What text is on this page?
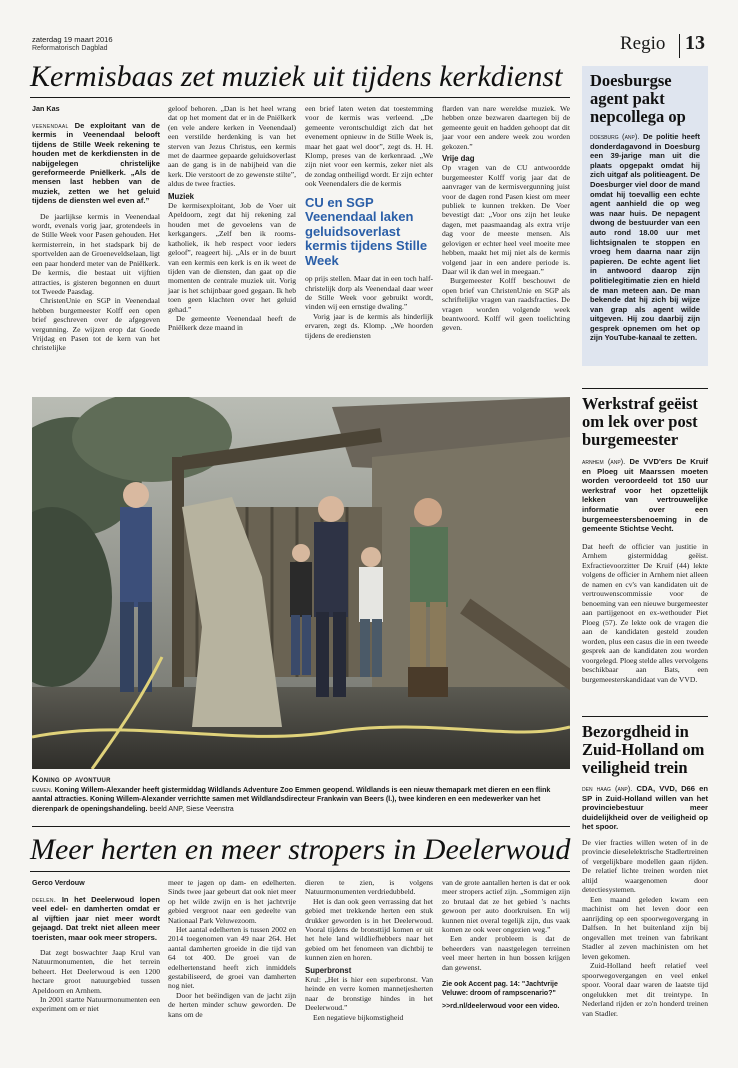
zaterdag 19 maart 2016
Reformatorisch Dagblad	Regio 13
Kermisbaas zet muziek uit tijdens kerkdienst
Jan Kas
veenendaal De exploitant van de kermis in Veenendaal belooft tijdens de Stille Week rekening te houden met de kerkdiensten in de nabijgelegen christelijke gereformeerde Pniëlkerk. „Als de mensen last hebben van de muziek, zetten we het geluid tijdens de diensten wel even af.”

De jaarlijkse kermis in Veenendaal wordt, evenals vorig jaar, grotendeels in de Stille Week voor Pasen gehouden. Het kermisterrein, in het stadspark bij de sportvelden aan de Groeneveldselaan, ligt een paar honderd meter van de Pniëlkerk. De kermis, die bestaat uit vijftien attracties, is gisteren begonnen en duurt tot Tweede Paasdag.

ChristenUnie en SGP in Veenendaal hebben burgemeester Kolff een open brief geschreven over de afgegeven vergunning. Ze wijzen erop dat Goede Vrijdag en Pasen tot de kern van het christelijke

geloof behoren. „Dan is het heel wrang dat op het moment dat er in de Pniëlkerk (en vele andere kerken in Veenendaal) een verstilde herdenking is van het sterven van Jezus Christus, een kermis met de daarmee gepaarde geluidsoverlast aan de gang is in de nabijheid van die kerk. Die verstoort de zo gewenste stilte”, aldus de twee fracties.

Muziek

De kermisexploitant, Job de Voer uit Apeldoorn, zegt dat hij rekening zal houden met de gevoelens van de kerkgangers. „Zelf ben ik rooms-katholiek, ik heb respect voor ieders geloof”, reageert hij. „Als er in de buurt van een kermis een kerk is en ik weet de tijden van de diensten, dan gaat op die momenten de centrale muziek uit. Vorig jaar is het schijnbaar goed gegaan. Ik heb toen geen klachten over het geluid gehad.”

De gemeente Veenendaal heeft de Pniëlkerk deze maand in

een brief laten weten dat toestemming voor de kermis was verleend. „De gemeente verontschuldigt zich dat het evenement opnieuw in de Stille Week is, maar het gaat wel door”, zegt ds. H. H. Klomp, preses van de kerkenraad. „We zijn niet voor een kermis, zeker niet als de zondag ontheiligd wordt. Er zijn echter ook Veenendalers die de kermis

CU en SGP Veenendaal laken geluidsoverlast kermis tijdens Stille Week

op prijs stellen. Maar dat in een toch half-christelijk dorp als Veenendaal daar weer de Stille Week voor gebruikt wordt, vinden wij een ernstige dwaling.”

Vorig jaar is de kermis als hinderlijk ervaren, zegt ds. Klomp. „We hoorden tijdens de erediensten

flarden van nare wereldse muziek. We hebben onze bezwaren daartegen bij de gemeente geuit en hadden gehoopt dat dit jaar voor een andere week zou worden gekozen.”

Vrije dag

Op vragen van de CU antwoordde burgemeester Kolff vorig jaar dat de aanvrager van de kermisvergunning juist voor de dagen rond Pasen kiest om meer publiek te kunnen trekken. De Voer bevestigt dat: „Voor ons zijn het leuke dagen, met paasmaandag als extra vrije dag voor de meeste mensen. Als gelovigen er echter heel veel moeite mee hebben, maakt het mij niet als de kermis volgend jaar in een andere periode is. Daar wil ik dan wel in meegaan.”

Burgemeester Kolff beschouwt de open brief van ChristenUnie en SGP als schriftelijke vragen van raadsfracties. De vragen worden volgende week beantwoord. Kolff wil geen toelichting geven.

Doesburgse agent pakt nepcollega op
doesburg (anp). De politie heeft donderdagavond in Doesburg een 39-jarige man uit die plaats opgepakt omdat hij zich uitgaf als politieagent. De Doesburger viel door de mand omdat hij toevallig een echte agent aanhield die op weg was naar huis. De nepagent dwong de bestuurder van een auto rond 18.00 uur met lichtsignalen te stoppen en vroeg hem daarna naar zijn papieren. De echte agent liet in antwoord daarop zijn politielegitimatie zien en hield de man meteen aan. De man bekende dat hij zich bij wijze van grap als agent wilde uitgeven. Hij zou daarbij zijn gesprek opnemen om het op zijn YouTube-kanaal te zetten.
Koning op avontuur
emmen. Koning Willem-Alexander heeft gistermiddag Wildlands Adventure Zoo Emmen geopend. Wildlands is een nieuw themapark met dieren en een flink aantal attracties. Koning Willem-Alexander verrichtte samen met Wildlandsdirecteur Frankwin van Beers (l.), twee kinderen en een medewerker van het dierenpark de openingshandeling. beeld ANP, Siese Veenstra
Meer herten en meer stropers in Deelerwoud
Gerco Verdouw
deelen. In het Deelerwoud lopen veel edel- en damherten omdat er al vijftien jaar niet meer wordt gejaagd. Dat trekt niet alleen meer toeristen, maar ook meer stropers.

Dat zegt boswachter Jaap Krul van Natuurmonumenten, die het terrein beheert. Het Deelerwoud is een 1200 hectare groot natuurgebied tussen Apeldoorn en Arnhem.

In 2001 startte Natuurmonumenten een experiment om er niet

meer te jagen op dam- en edelherten. Sinds twee jaar gebeurt dat ook niet meer op het wilde zwijn en is het jachtvrije gebied vergroot naar een gedeelte van Nationaal Park Veluwezoom.

Het aantal edelherten is tussen 2002 en 2014 toegenomen van 49 naar 264. Het aantal damherten groeide in die tijd van 64 tot 400. De groei van de edelhertenstand heeft zich inmiddels gestabiliseerd, de groei van damherten nog niet.

Door het beëindigen van de jacht zijn de herten minder schuw geworden. De kans om de

dieren te zien, is volgens Natuurmonumenten verdriedubbeld.

Het is dan ook geen verrassing dat het gebied met trekkende herten een stuk drukker geworden is in het Deelerwoud. Vooral tijdens de bronsttijd komen er uit het hele land wildliefhebbers naar het gebied om het fenomeen van dichtbij te kunnen zien en horen.

Superbronst

Krul: „Het is hier een superbronst. Van heinde en verre komen mannetjesherten naar de bronstige hindes in het Deelerwoud.”

Een negatieve bijkomstigheid

van de grote aantallen herten is dat er ook meer stropers actief zijn. „Sommigen zijn zo brutaal dat ze het gebied 's nachts gewoon per auto doorkruisen. En wij kunnen niet overal tegelijk zijn, dus vaak komen ze ook weer ongezien weg.”

Een ander probleem is dat de beheerders van naastgelegen terreinen veel meer herten in hun bossen krijgen dan gewenst.

Zie ook Accent pag. 14: "Jachtvrije Veluwe: droom of rampscenario?"
>>rd.nl/deelerwoud voor een video.
Werkstraf geëist om lek over post burgemeester
arnhem (anp). De VVD'ers De Kruif en Ploeg uit Maarssen moeten worden veroordeeld tot 150 uur werkstraf voor het opzettelijk lekken van vertrouwelijke informatie over een burgemeestersbenoeming in de gemeente Stichtse Vecht.

Dat heeft de officier van justitie in Arnhem gistermiddag geëist. Exfractievoorzitter De Kruif (44) lekte volgens de officier in Arnhem niet alleen de namen en cv's van kandidaten uit de vertrouwenscommissie voor de benoeming van een nieuwe burgemeester aan partijgenoot en ex-wethouder Piet Ploeg (57). Ze lekte ook de vragen die aan de kandidaten gesteld zouden worden, plus een casus die in een tweede gesprek aan de kandidaten zou worden voorgelegd. Ploeg stelde alles vervolgens beschikbaar aan Bats, een burgemeesterskandidaat van de VVD.

Bezorgdheid in Zuid-Holland om veiligheid trein
den haag (anp). CDA, VVD, D66 en SP in Zuid-Holland willen van het provinciebestuur meer duidelijkheid over de veiligheid op het spoor.

De vier fracties willen weten of in de provincie dieselelektrische Stadlertreinen of vergelijkbare modellen gaan rijden. De relatief lichte treinen worden niet altijd waargenomen door detectiesystemen.

Een maand geleden kwam een machinist om het leven door een aanrijding op een spoorwegovergang in Dalfsen. In het buitenland zijn bij ongevallen met treinen van fabrikant Stadler al zeven machinisten om het leven gekomen.

Zuid-Holland heeft relatief veel spoorwegovergangen en veel enkel spoor. Vooral daar waren de laatste tijd ongelukken met dit treintype. In Nederland rijden er zo'n honderd treinen van Stadler.
